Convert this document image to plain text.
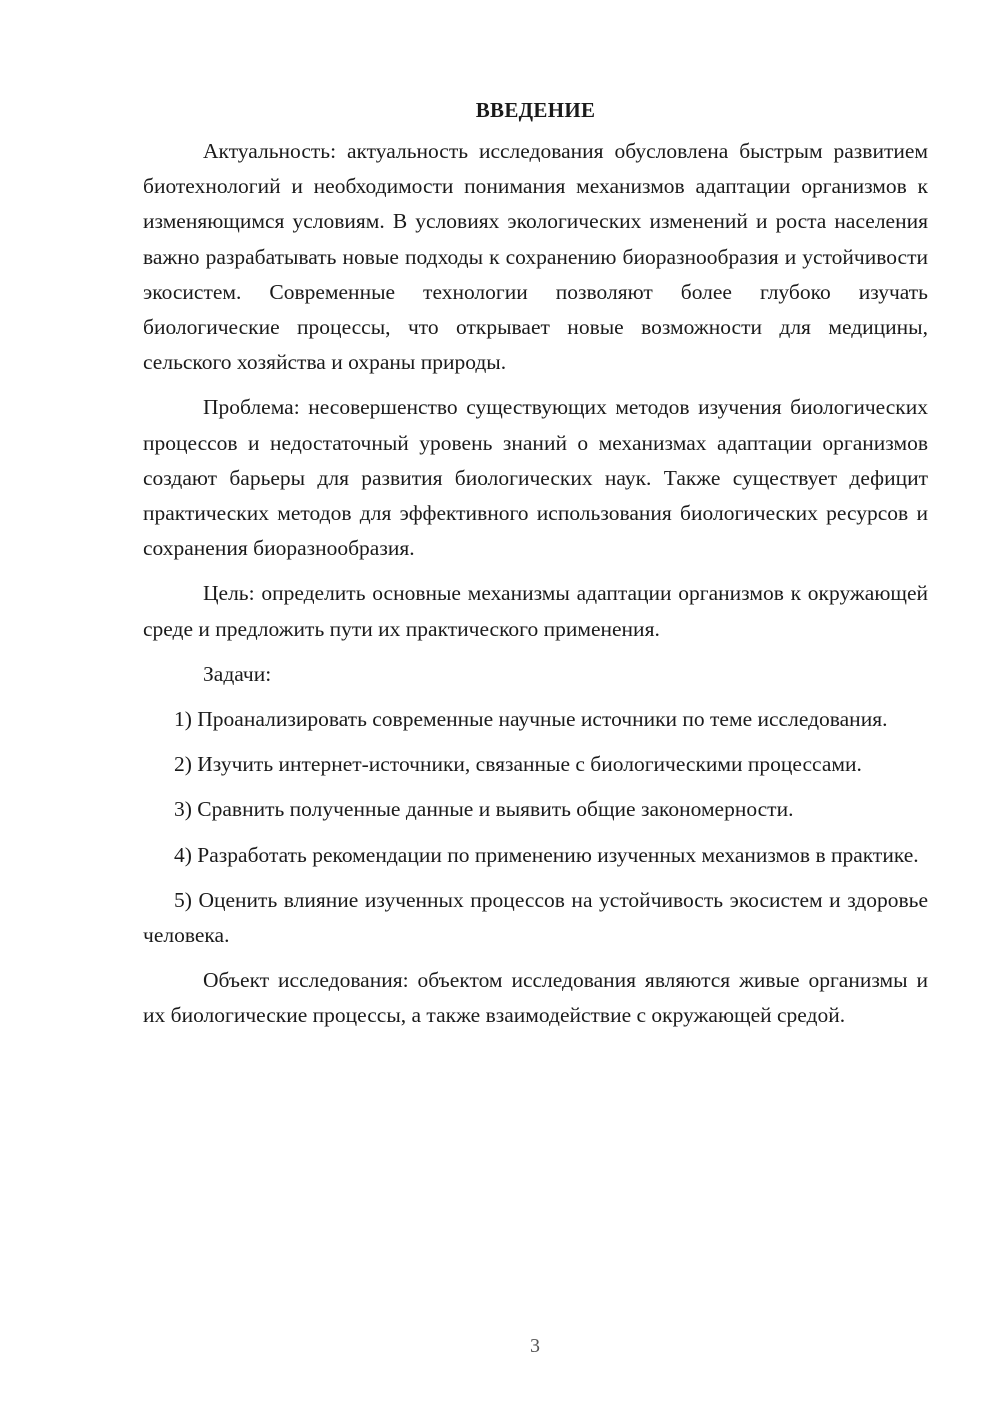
ВВЕДЕНИЕ

Актуальность: актуальность исследования обусловлена быстрым развитием биотехнологий и необходимости понимания механизмов адаптации организмов к изменяющимся условиям. В условиях экологических изменений и роста населения важно разрабатывать новые подходы к сохранению биоразнообразия и устойчивости экосистем. Современные технологии позволяют более глубоко изучать биологические процессы, что открывает новые возможности для медицины, сельского хозяйства и охраны природы.

Проблема: несовершенство существующих методов изучения биологических процессов и недостаточный уровень знаний о механизмах адаптации организмов создают барьеры для развития биологических наук. Также существует дефицит практических методов для эффективного использования биологических ресурсов и сохранения биоразнообразия.

Цель: определить основные механизмы адаптации организмов к окружающей среде и предложить пути их практического применения.

Задачи:

1) Проанализировать современные научные источники по теме исследования.

2) Изучить интернет-источники, связанные с биологическими процессами.

3) Сравнить полученные данные и выявить общие закономерности.

4) Разработать рекомендации по применению изученных механизмов в практике.

5) Оценить влияние изученных процессов на устойчивость экосистем и здоровье человека.

Объект исследования: объектом исследования являются живые организмы и их биологические процессы, а также взаимодействие с окружающей средой.

3
